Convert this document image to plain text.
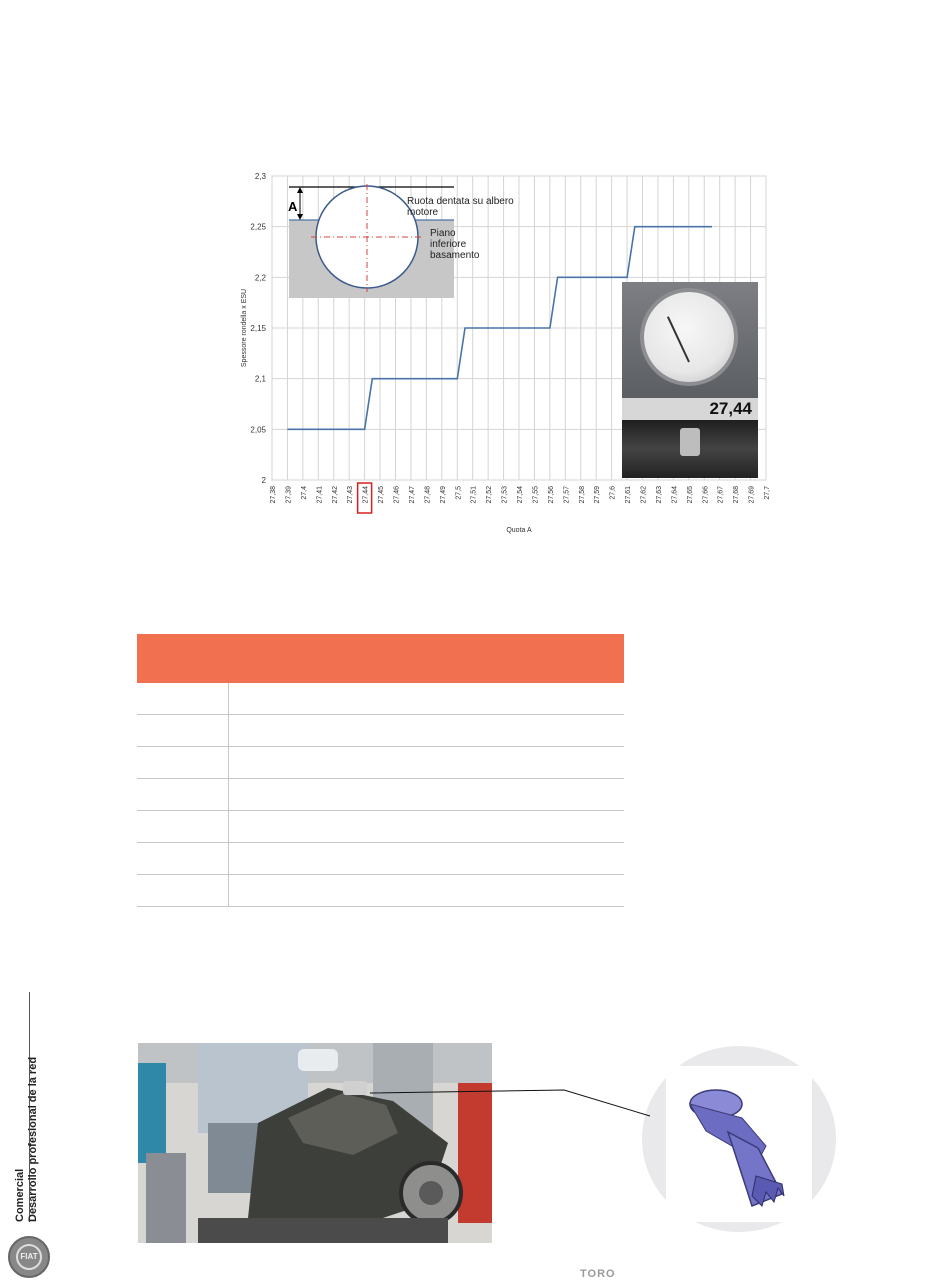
2
2,05
2,1
2,15
2,2
2,25
2,3
27,38 27,39 27,4 27,41 27,42 27,43 27,44 27,45 27,46 27,47 27,48 27,49 27,5 27,51 27,52 27,53 27,54 27,55 27,56 27,57 27,58 27,59 27,6 27,61 27,62 27,63 27,64 27,65 27,66 27,67 27,68 27,69 27,7
Quota A
Spessore rondella x ESU
A	Ruota dentata su albero motore
Piano inferiore basamento
27,44
Comercial Desarrollo profesional de la red
FIAT
TORO
